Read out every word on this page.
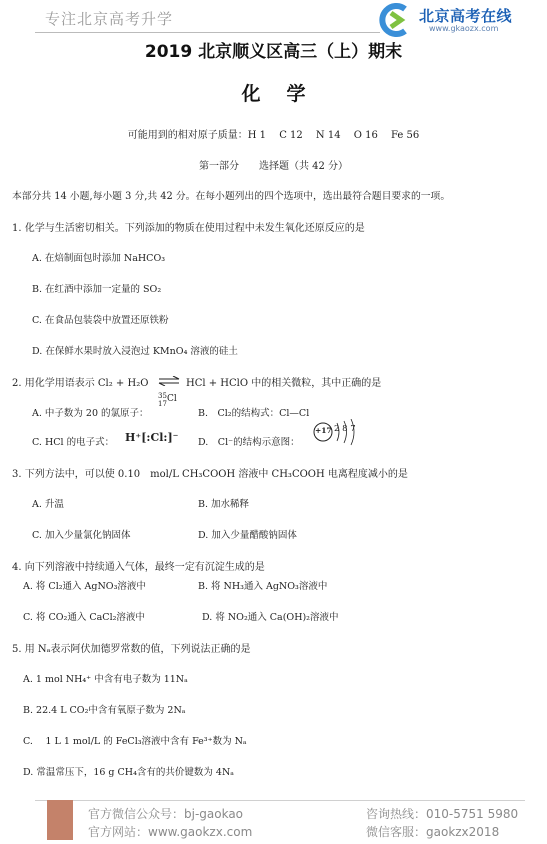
专注北京高考升学	北京高考在线
www.gkaozx.com
2019 北京顺义区高三（上）期末
化学
可能用到的相对原子质量：H 1　 C 12　 N 14　 O 16　 Fe 56
第一部分　　选择题（共 42 分）
本部分共 14 小题,每小题 3 分,共 42 分。在每小题列出的四个选项中，选出最符合题目要求的一项。
1. 化学与生活密切相关。下列添加的物质在使用过程中未发生氧化还原反应的是
A. 在焙制面包时添加 NaHCO₃
B. 在红酒中添加一定量的 SO₂
C. 在食品包装袋中放置还原铁粉
D. 在保鲜水果时放入浸泡过 KMnO₄ 溶液的硅土
2. 用化学用语表示 Cl₂ + H₂O ⇌ HCl + HClO 中的相关微粒，其中正确的是
A. 中子数为 20 的氯原子：
35
17 Cl
B.　Cl₂的结构式：Cl—Cl
C. HCl 的电子式： H⁺[:Cl:]⁻ D.　Cl⁻的结构示意图：
+17 2 8 7
3. 下列方法中，可以使 0.10　mol/L CH₃COOH 溶液中 CH₃COOH 电离程度减小的是
A. 升温	B. 加水稀释
C. 加入少量氯化钠固体	D. 加入少量醋酸钠固体
4. 向下列溶液中持续通入气体，最终一定有沉淀生成的是
A. 将 Cl₂通入 AgNO₃溶液中	B. 将 NH₃通入 AgNO₃溶液中
C. 将 CO₂通入 CaCl₂溶液中	D. 将 NO₂通入 Ca(OH)₂溶液中
5. 用 Nₐ表示阿伏加德罗常数的值，下列说法正确的是
A. 1 mol NH₄⁺ 中含有电子数为 11Nₐ
B. 22.4 L CO₂中含有氧原子数为 2Nₐ
C.　 1 L 1 mol/L 的 FeCl₃溶液中含有 Fe³⁺数为 Nₐ
D. 常温常压下，16 g CH₄含有的共价键数为 4Nₐ
官方微信公众号：bj-gaokao
官方网站：www.gaokzx.com
咨询热线：010-5751 5980
微信客服：gaokzx2018
